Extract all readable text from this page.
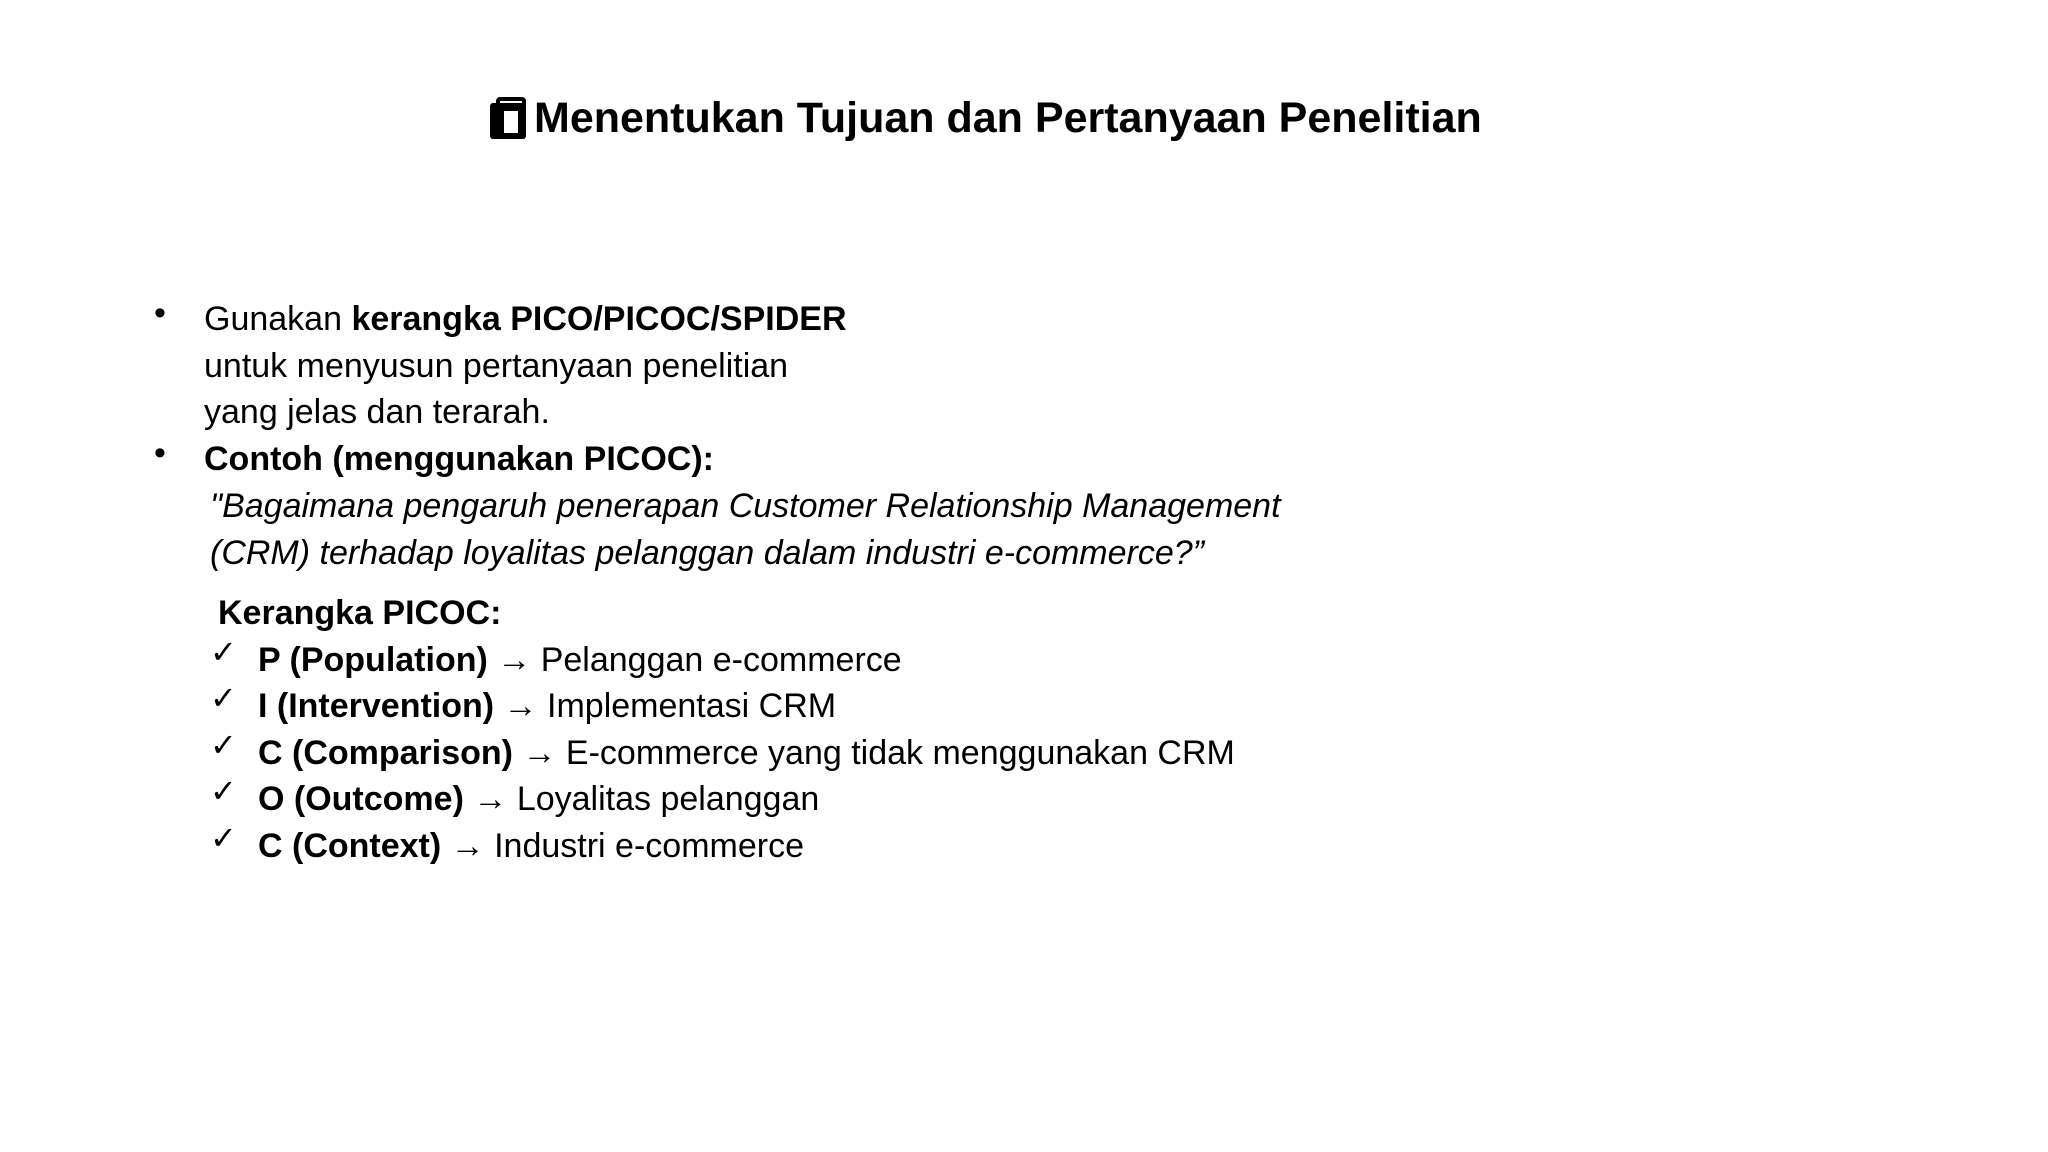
Menentukan Tujuan dan Pertanyaan Penelitian
• Gunakan kerangka PICO/PICOC/SPIDER
untuk menyusun pertanyaan penelitian
yang jelas dan terarah.
• Contoh (menggunakan PICOC):
"Bagaimana pengaruh penerapan Customer Relationship Management
(CRM) terhadap loyalitas pelanggan dalam industri e-commerce?”
Kerangka PICOC:
✓ P (Population) → Pelanggan e-commerce
✓ I (Intervention) → Implementasi CRM
✓ C (Comparison) → E-commerce yang tidak menggunakan CRM
✓ O (Outcome) → Loyalitas pelanggan
✓ C (Context) → Industri e-commerce
